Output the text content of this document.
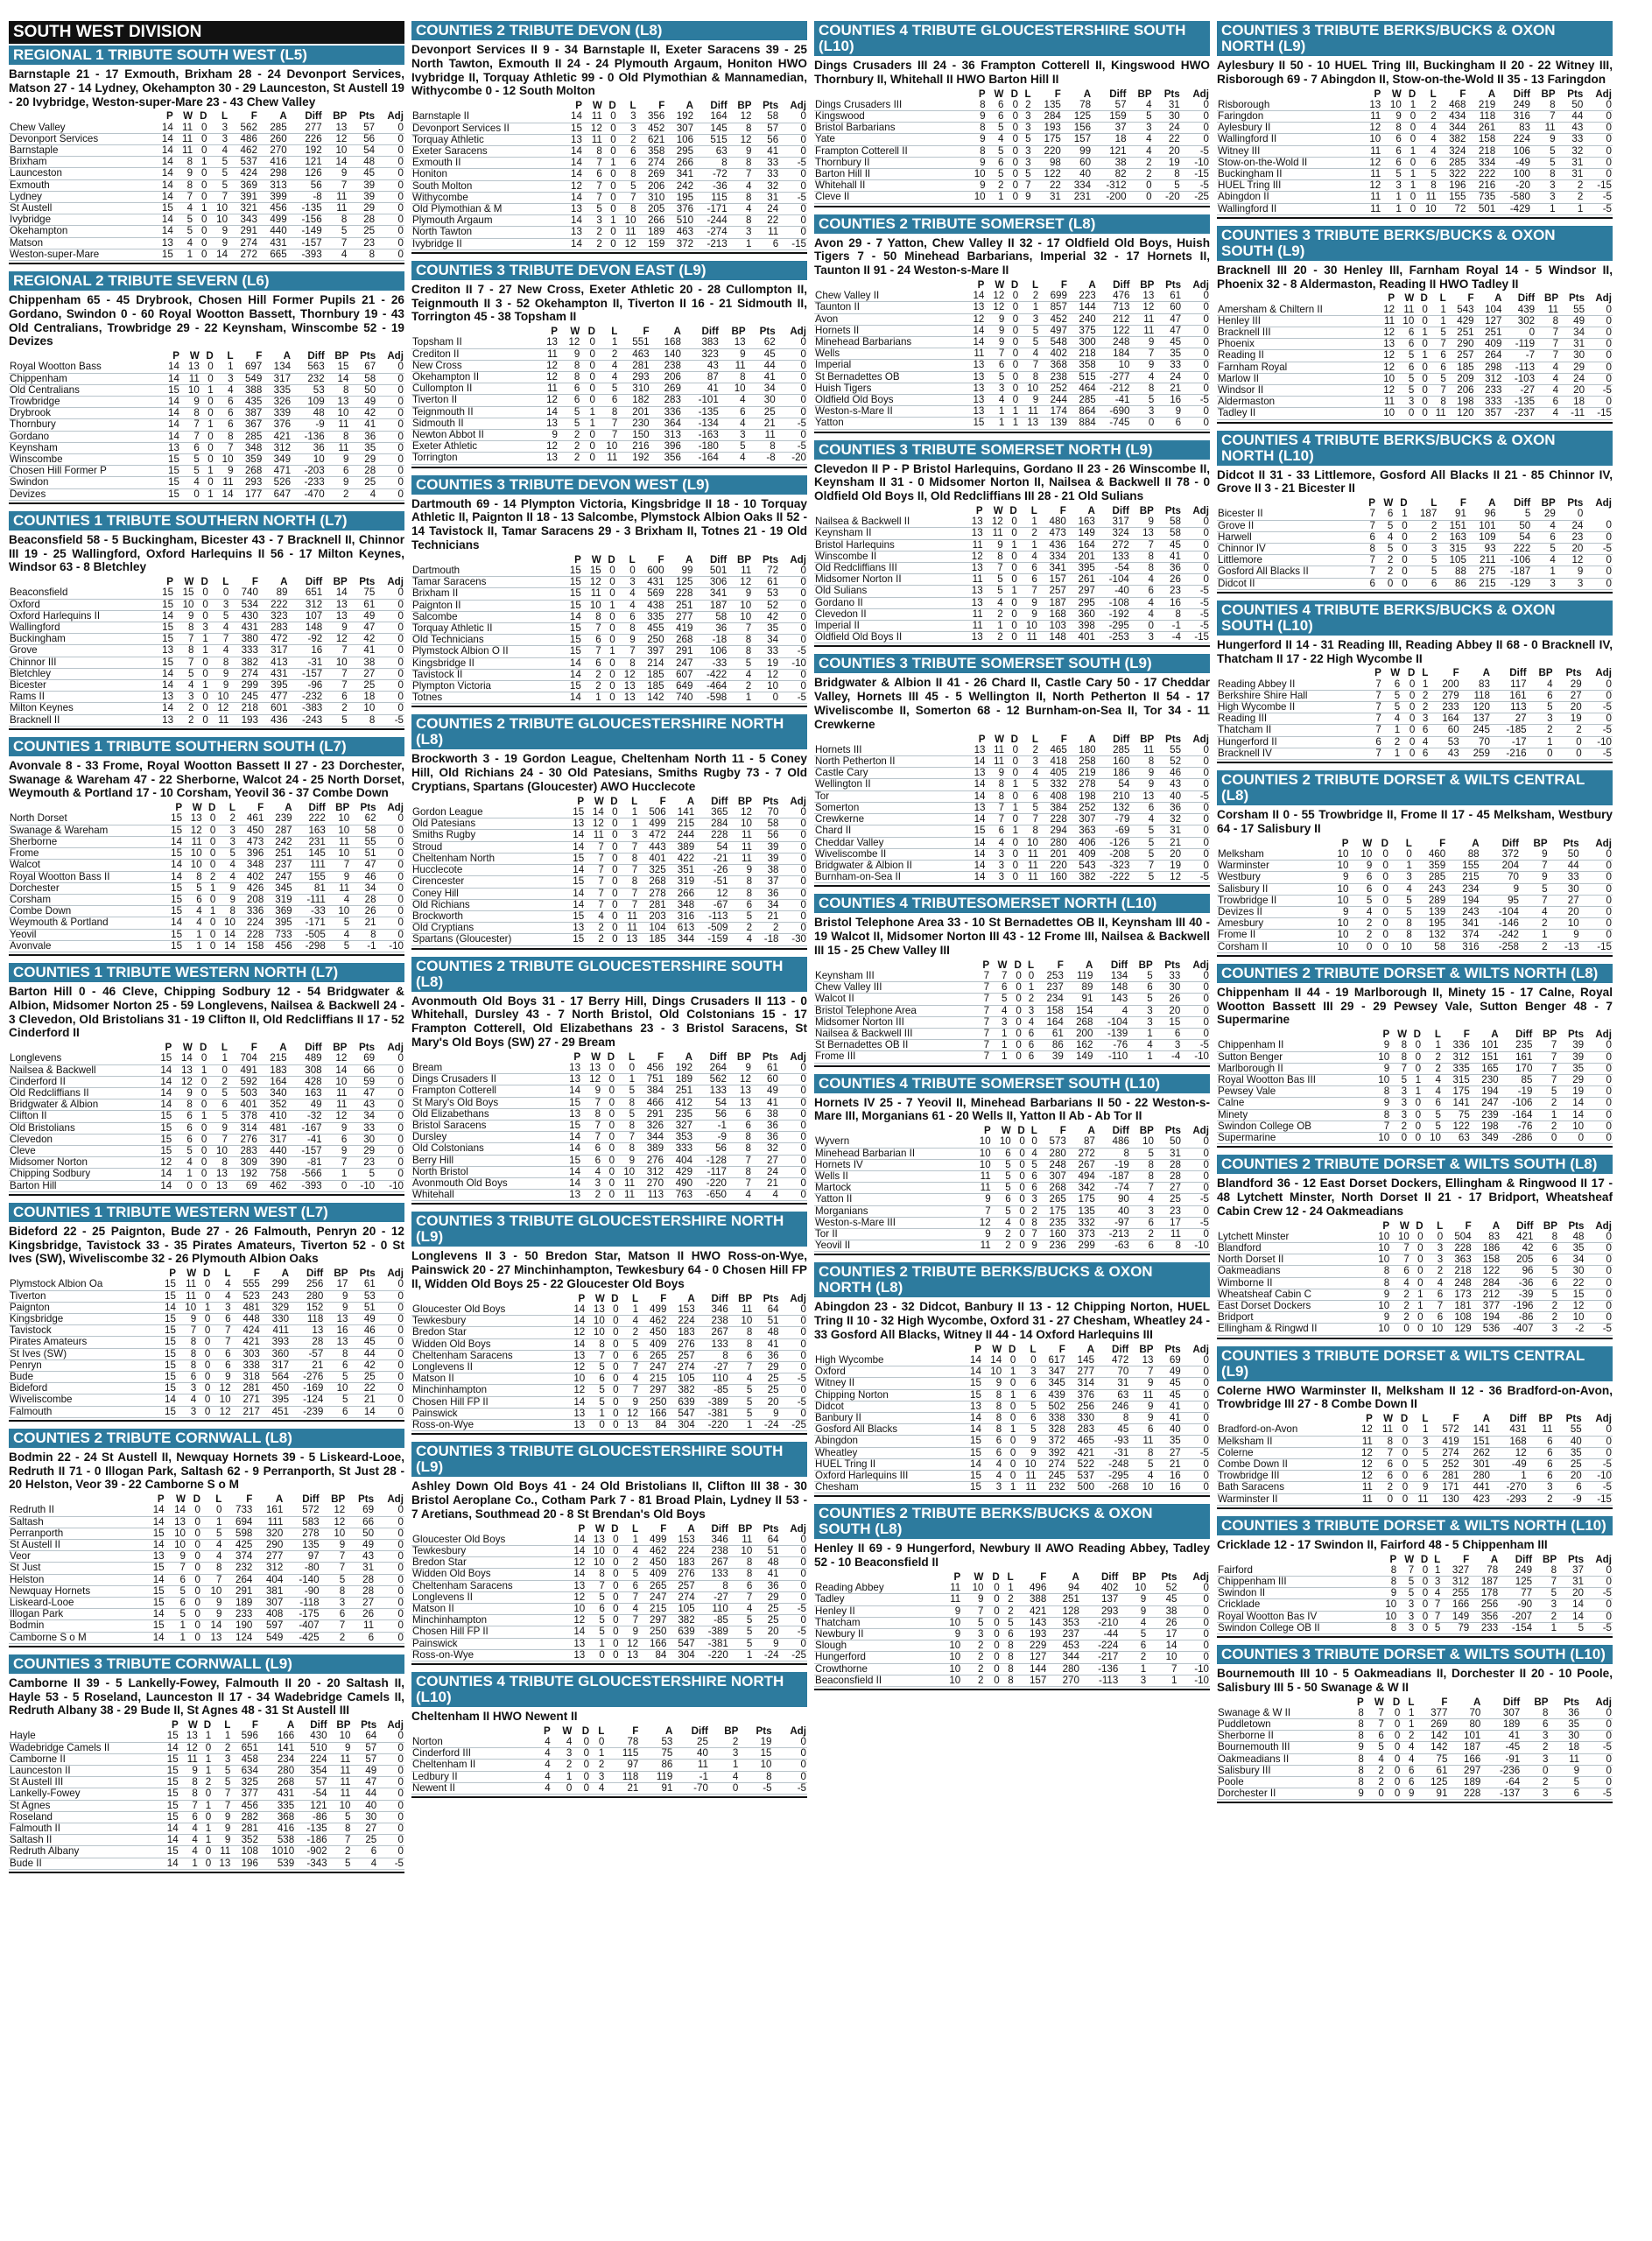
SOUTH WEST DIVISION
REGIONAL 1 TRIBUTE SOUTH WEST (L5)
Barnstaple 21 - 17 Exmouth, Brixham 28 - 24 Devonport Services, Matson 27 - 14 Lydney, Okehampton 30 - 29 Launceston, St Austell 19 - 20 Ivybridge, Weston-super-Mare 23 - 43 Chew Valley
	P	W	D	L	F	A	Diff	BP	Pts	Adj
Chew Valley	14	11	0	3	562	285	277	13	57	0
Devonport Services	14	11	0	3	486	260	226	12	56	0
Barnstaple	14	11	0	4	462	270	192	10	54	0
Brixham	14	8	1	5	537	416	121	14	48	0
Launceston	14	9	0	5	424	298	126	9	45	0
Exmouth	14	8	0	5	369	313	56	7	39	0
Lydney	14	7	0	7	391	399	-8	11	39	0
St Austell	15	4	1	10	321	456	-135	11	29	0
Ivybridge	14	5	0	10	343	499	-156	8	28	0
Okehampton	14	5	0	9	291	440	-149	5	25	0
Matson	13	4	0	9	274	431	-157	7	23	0
Weston-super-Mare	15	1	0	14	272	665	-393	4	8	0
REGIONAL 2 TRIBUTE SEVERN (L6)
Chippenham 65 - 45 Drybrook, Chosen Hill Former Pupils 21 - 26 Gordano, Swindon 0 - 60 Royal Wootton Bassett, Thornbury 19 - 43 Old Centralians, Trowbridge 29 - 22 Keynsham, Winscombe 52 - 19 Devizes
	P	W	D	L	F	A	Diff	BP	Pts	Adj
Royal Wootton Bass	14	13	0	1	697	134	563	15	67	0
Chippenham	14	11	0	3	549	317	232	14	58	0
Old Centralians	15	10	1	4	388	335	53	8	50	0
Trowbridge	14	9	0	6	435	326	109	13	49	0
Drybrook	14	8	0	6	387	339	48	10	42	0
Thornbury	14	7	1	6	367	376	-9	11	41	0
Gordano	14	7	0	8	285	421	-136	8	36	0
Keynsham	13	6	0	7	348	312	36	11	35	0
Winscombe	15	5	0	10	359	349	10	9	29	0
Chosen Hill Former P	15	5	1	9	268	471	-203	6	28	0
Swindon	15	4	0	11	293	526	-233	9	25	0
Devizes	15	0	1	14	177	647	-470	2	4	0
COUNTIES 1 TRIBUTE SOUTHERN NORTH (L7)
Beaconsfield 58 - 5 Buckingham, Bicester 43 - 7 Bracknell II, Chinnor III 19 - 25 Wallingford, Oxford Harlequins II 56 - 17 Milton Keynes, Windsor 63 - 8 Bletchley
	P	W	D	L	F	A	Diff	BP	Pts	Adj
Beaconsfield	15	15	0	0	740	89	651	14	75	0
Oxford	15	10	0	3	534	222	312	13	61	0
Oxford Harlequins II	14	9	0	5	430	323	107	13	49	0
Wallingford	15	8	3	4	431	283	148	9	47	0
Buckingham	15	7	1	7	380	472	-92	12	42	0
Grove	13	8	1	4	333	317	16	7	41	0
Chinnor III	15	7	0	8	382	413	-31	10	38	0
Bletchley	14	5	0	9	274	431	-157	7	27	0
Bicester	14	4	1	9	299	395	-96	7	25	0
Rams II	13	3	0	10	245	477	-232	6	18	0
Milton Keynes	14	2	0	12	218	601	-383	2	10	0
Bracknell II	13	2	0	11	193	436	-243	5	8	-5
COUNTIES 1 TRIBUTE SOUTHERN SOUTH (L7)
Avonvale 8 - 33 Frome, Royal Wootton Bassett II 27 - 23 Dorchester, Swanage & Wareham 47 - 22 Sherborne, Walcot 24 - 25 North Dorset, Weymouth & Portland 17 - 10 Corsham, Yeovil 36 - 37 Combe Down
	P	W	D	L	F	A	Diff	BP	Pts	Adj
North Dorset	15	13	0	2	461	239	222	10	62	0
Swanage & Wareham	15	12	0	3	450	287	163	10	58	0
Sherborne	14	11	0	3	473	242	231	11	55	0
Frome	15	10	0	5	396	251	145	10	51	0
Walcot	14	10	0	4	348	237	111	7	47	0
Royal Wootton Bass II	14	8	2	4	402	247	155	9	46	0
Dorchester	15	5	1	9	426	345	81	11	34	0
Corsham	15	6	0	9	208	319	-111	4	28	0
Combe Down	15	4	1	8	336	369	-33	10	26	0
Weymouth & Portland	14	4	0	10	224	395	-171	5	21	0
Yeovil	15	1	0	14	228	733	-505	4	8	0
Avonvale	15	1	0	14	158	456	-298	5	-1	-10
COUNTIES 1 TRIBUTE WESTERN NORTH (L7)
Barton Hill 0 - 46 Cleve, Chipping Sodbury 12 - 54 Bridgwater & Albion, Midsomer Norton 25 - 59 Longlevens, Nailsea & Backwell 24 - 3 Clevedon, Old Bristolians 31 - 19 Clifton II, Old Redcliffians II 17 - 52 Cinderford II
	P	W	D	L	F	A	Diff	BP	Pts	Adj
Longlevens	15	14	0	1	704	215	489	12	69	0
Nailsea & Backwell	14	13	1	0	491	183	308	14	66	0
Cinderford II	14	12	0	2	592	164	428	10	59	0
Old Redcliffians II	14	9	0	5	503	340	163	11	47	0
Bridgwater & Albion	14	8	0	6	401	352	49	11	43	0
Clifton II	15	6	1	5	378	410	-32	12	34	0
Old Bristolians	15	6	0	9	314	481	-167	9	33	0
Clevedon	15	6	0	7	276	317	-41	6	30	0
Cleve	15	5	0	10	283	440	-157	9	29	0
Midsomer Norton	12	4	0	8	309	390	-81	7	23	0
Chipping Sodbury	14	1	0	13	192	758	-566	1	5	0
Barton Hill	14	0	0	13	69	462	-393	0	-10	-10
COUNTIES 1 TRIBUTE WESTERN WEST (L7)
Bideford 22 - 25 Paignton, Bude 27 - 26 Falmouth, Penryn 20 - 12 Kingsbridge, Tavistock 33 - 35 Pirates Amateurs, Tiverton 52 - 0 St Ives (SW), Wiveliscombe 32 - 26 Plymouth Albion Oaks
	P	W	D	L	F	A	Diff	BP	Pts	Adj
Plymstock Albion Oa	15	11	0	4	555	299	256	17	61	0
Tiverton	15	11	0	4	523	243	280	9	53	0
Paignton	14	10	1	3	481	329	152	9	51	0
Kingsbridge	15	9	0	6	448	330	118	13	49	0
Tavistock	15	7	0	7	424	411	13	16	46	0
Pirates Amateurs	15	8	0	7	421	393	28	13	45	0
St Ives (SW)	15	8	0	6	303	360	-57	8	44	0
Penryn	15	8	0	6	338	317	21	6	42	0
Bude	15	6	0	9	318	564	-276	5	25	0
Bideford	15	3	0	12	281	450	-169	10	22	0
Wiveliscombe	14	4	0	10	271	395	-124	5	21	0
Falmouth	15	3	0	12	217	451	-239	6	14	0
COUNTIES 2 TRIBUTE CORNWALL (L8)
Bodmin 22 - 24 St Austell II, Newquay Hornets 39 - 5 Liskeard-Looe, Redruth II 71 - 0 Illogan Park, Saltash 62 - 9 Perranporth, St Just 28 - 20 Helston, Veor 39 - 22 Camborne S o M
	P	W	D	L	F	A	Diff	BP	Pts	Adj
Redruth II	14	14	0	0	733	161	572	12	69	0
Saltash	14	13	0	1	694	111	583	12	66	0
Perranporth	15	10	0	5	598	320	278	10	50	0
St Austell II	14	10	0	4	425	290	135	9	49	0
Veor	13	9	0	4	374	277	97	7	43	0
St Just	15	7	0	8	232	312	-80	7	31	0
Helston	14	6	0	7	264	404	-140	5	28	0
Newquay Hornets	15	5	0	10	291	381	-90	8	28	0
Liskeard-Looe	15	6	0	9	189	307	-118	3	27	0
Illogan Park	14	5	0	9	233	408	-175	6	26	0
Bodmin	15	1	0	14	190	597	-407	7	11	0
Camborne S o M	14	1	0	13	124	549	-425	2	6	0
COUNTIES 3 TRIBUTE CORNWALL (L9)
Camborne II 39 - 5 Lankelly-Fowey, Falmouth II 20 - 20 Saltash II, Hayle 53 - 5 Roseland, Launceston II 17 - 34 Wadebridge Camels II, Redruth Albany 38 - 29 Bude II, St Agnes 48 - 31 St Austell III
	P	W	D	L	F	A	Diff	BP	Pts	Adj
Hayle	15	13	1	1	596	166	430	10	64	0
Wadebridge Camels II	14	12	0	2	651	141	510	9	57	0
Camborne II	15	11	1	3	458	234	224	11	57	0
Launceston II	15	9	1	5	634	280	354	11	49	0
St Austell III	15	8	2	5	325	268	57	11	47	0
Lankelly-Fowey	15	8	0	7	377	431	-54	11	44	0
St Agnes	15	7	1	7	456	335	121	10	40	0
Roseland	15	6	0	9	282	368	-86	5	30	0
Falmouth II	14	4	1	9	281	416	-135	8	27	0
Saltash II	14	4	1	9	352	538	-186	7	25	0
Redruth Albany	15	4	0	11	108	1010	-902	2	6	0
Bude II	14	1	0	13	196	539	-343	5	4	-5
COUNTIES 2 TRIBUTE DEVON (L8)
Devonport Services II 9 - 34 Barnstaple II, Exeter Saracens 39 - 25 North Tawton, Exmouth II 24 - 24 Plymouth Argaum, Honiton HWO Ivybridge II, Torquay Athletic 99 - 0 Old Plymothian & Mannamedian, Withycombe 0 - 12 South Molton
	P	W	D	L	F	A	Diff	BP	Pts	Adj
Barnstaple II	14	11	0	3	356	192	164	12	58	0
Devonport Services II	15	12	0	3	452	307	145	8	57	0
Torquay Athletic	13	11	0	2	621	106	515	12	56	0
Exeter Saracens	14	8	0	6	358	295	63	9	41	0
Exmouth II	14	7	1	6	274	266	8	8	33	-5
Honiton	14	6	0	8	269	341	-72	7	33	0
South Molton	12	7	0	5	206	242	-36	4	32	0
Withycombe	14	7	0	7	310	195	115	8	31	-5
Old Plymothian & M	13	5	0	8	205	376	-171	4	24	0
Plymouth Argaum	14	3	1	10	266	510	-244	8	22	0
North Tawton	13	2	0	11	189	463	-274	3	11	0
Ivybridge II	14	2	0	12	159	372	-213	1	6	-15
COUNTIES 3 TRIBUTE DEVON EAST (L9)
Crediton II 7 - 27 New Cross, Exeter Athletic 20 - 28 Cullompton II, Teignmouth II 3 - 52 Okehampton II, Tiverton II 16 - 21 Sidmouth II, Torrington 45 - 38 Topsham II
	P	W	D	L	F	A	Diff	BP	Pts	Adj
Topsham II	13	12	0	1	551	168	383	13	62	0
Crediton II	11	9	0	2	463	140	323	9	45	0
New Cross	12	8	0	4	281	238	43	11	44	0
Okehampton II	12	8	0	4	293	206	87	8	41	0
Cullompton II	11	6	0	5	310	269	41	10	34	0
Tiverton II	12	6	0	6	182	283	-101	4	30	0
Teignmouth II	14	5	1	8	201	336	-135	6	25	0
Sidmouth II	13	5	1	7	230	364	-134	4	21	-5
Newton Abbot II	9	2	0	7	150	313	-163	3	11	0
Exeter Athletic	12	2	0	10	216	396	-180	5	8	-5
Torrington	13	2	0	11	192	356	-164	4	-8	-20
COUNTIES 3 TRIBUTE DEVON WEST (L9)
Dartmouth 69 - 14 Plympton Victoria, Kingsbridge II 18 - 10 Torquay Athletic II, Paignton II 18 - 13 Salcombe, Plymstock Albion Oaks II 52 - 14 Tavistock II, Tamar Saracens 29 - 3 Brixham II, Totnes 21 - 19 Old Technicians
	P	W	D	L	F	A	Diff	BP	Pts	Adj
Dartmouth	15	15	0	0	600	99	501	11	72	0
Tamar Saracens	15	12	0	3	431	125	306	12	61	0
Brixham II	15	11	0	4	569	228	341	9	53	0
Paignton II	15	10	1	4	438	251	187	10	52	0
Salcombe	14	8	0	6	335	277	58	10	42	0
Torquay Athletic II	15	7	0	8	455	419	36	7	35	0
Old Technicians	15	6	0	9	250	268	-18	8	34	0
Plymstock Albion O II	15	7	1	7	397	291	106	8	33	-5
Kingsbridge II	14	6	0	8	214	247	-33	5	19	-10
Tavistock II	14	2	0	12	185	607	-422	4	12	0
Plympton Victoria	15	2	0	13	185	649	-464	2	10	0
Totnes	14	1	0	13	142	740	-598	1	0	-5
COUNTIES 2 TRIBUTE GLOUCESTERSHIRE NORTH (L8)
Brockworth 3 - 19 Gordon League, Cheltenham North 11 - 5 Coney Hill, Old Richians 24 - 30 Old Patesians, Smiths Rugby 73 - 7 Old Cryptians, Spartans (Gloucester) AWO Hucclecote
	P	W	D	L	F	A	Diff	BP	Pts	Adj
Gordon League	15	14	0	1	506	141	365	12	70	0
Old Patesians	13	12	0	1	499	215	284	10	58	0
Smiths Rugby	14	11	0	3	472	244	228	11	56	0
Stroud	14	7	0	7	443	389	54	11	39	0
Cheltenham North	15	7	0	8	401	422	-21	11	39	0
Hucclecote	14	7	0	7	325	351	-26	9	38	0
Cirencester	15	7	0	8	268	319	-51	8	37	0
Coney Hill	14	7	0	7	278	266	12	8	36	0
Old Richians	14	7	0	7	281	348	-67	6	34	0
Brockworth	15	4	0	11	203	316	-113	5	21	0
Old Cryptians	13	2	0	11	104	613	-509	2	2	0
Spartans (Gloucester)	15	2	0	13	185	344	-159	4	-18	-30
COUNTIES 2 TRIBUTE GLOUCESTERSHIRE SOUTH (L8)
Avonmouth Old Boys 31 - 17 Berry Hill, Dings Crusaders II 113 - 0 Whitehall, Dursley 43 - 7 North Bristol, Old Colstonians 15 - 17 Frampton Cotterell, Old Elizabethans 23 - 3 Bristol Saracens, St Mary's Old Boys (SW) 27 - 29 Bream
	P	W	D	L	F	A	Diff	BP	Pts	Adj
Bream	13	13	0	0	456	192	264	9	61	0
Dings Crusaders II	13	12	0	1	751	189	562	12	60	0
Frampton Cotterell	14	9	0	5	384	251	133	13	49	0
St Mary's Old Boys	15	7	0	8	466	412	54	13	41	0
Old Elizabethans	13	8	0	5	291	235	56	6	38	0
Bristol Saracens	15	7	0	8	326	327	-1	6	36	0
Dursley	14	7	0	7	344	353	-9	8	36	0
Old Colstonians	14	6	0	8	389	333	56	8	32	0
Berry Hill	15	6	0	9	276	404	-128	7	27	0
North Bristol	14	4	0	10	312	429	-117	8	24	0
Avonmouth Old Boys	14	3	0	11	270	490	-220	7	21	0
Whitehall	13	2	0	11	113	763	-650	4	4	0
COUNTIES 3 TRIBUTE GLOUCESTERSHIRE NORTH (L9)
Longlevens II 3 - 50 Bredon Star, Matson II HWO Ross-on-Wye, Painswick 20 - 27 Minchinhampton, Tewkesbury 64 - 0 Chosen Hill FP II, Widden Old Boys 25 - 22 Gloucester Old Boys
	P	W	D	L	F	A	Diff	BP	Pts	Adj
Gloucester Old Boys	14	13	0	1	499	153	346	11	64	0
Tewkesbury	14	10	0	4	462	224	238	10	51	0
Bredon Star	12	10	0	2	450	183	267	8	48	0
Widden Old Boys	14	8	0	5	409	276	133	8	41	0
Cheltenham Saracens	13	7	0	6	265	257	8	6	36	0
Longlevens II	12	5	0	7	247	274	-27	7	29	0
Matson II	10	6	0	4	215	105	110	4	25	-5
Minchinhampton	12	5	0	7	297	382	-85	5	25	0
Chosen Hill FP II	14	5	0	9	250	639	-389	5	20	-5
Painswick	13	1	0	12	166	547	-381	5	9	0
Ross-on-Wye	13	0	0	13	84	304	-220	1	-24	-25
COUNTIES 3 TRIBUTE GLOUCESTERSHIRE SOUTH (L9)
Ashley Down Old Boys 41 - 24 Old Bristolians II, Clifton III 38 - 30 Bristol Aeroplane Co., Cotham Park 7 - 81 Broad Plain, Lydney II 53 - 7 Aretians, Southmead 20 - 8 St Brendan's Old Boys
	P	W	D	L	F	A	Diff	BP	Pts	Adj
Gloucester Old Boys	14	13	0	1	499	153	346	11	64	0
Tewkesbury	14	10	0	4	462	224	238	10	51	0
Bredon Star	12	10	0	2	450	183	267	8	48	0
Widden Old Boys	14	8	0	5	409	276	133	8	41	0
Cheltenham Saracens	13	7	0	6	265	257	8	6	36	0
Longlevens II	12	5	0	7	247	274	-27	7	29	0
Matson II	10	6	0	4	215	105	110	4	25	-5
Minchinhampton	12	5	0	7	297	382	-85	5	25	0
Chosen Hill FP II	14	5	0	9	250	639	-389	5	20	-5
Painswick	13	1	0	12	166	547	-381	5	9	0
Ross-on-Wye	13	0	0	13	84	304	-220	1	-24	-25
COUNTIES 4 TRIBUTE GLOUCESTERSHIRE NORTH (L10)
Cheltenham II HWO Newent II
	P	W	D	L	F	A	Diff	BP	Pts	Adj
Norton	4	4	0	0	78	53	25	2	19	0
Cinderford III	4	3	0	1	115	75	40	3	15	0
Cheltenham II	4	2	0	2	97	86	11	1	10	0
Ledbury II	4	1	0	3	118	119	-1	4	8	0
Newent II	4	0	0	4	21	91	-70	0	-5	-5
COUNTIES 4 TRIBUTE GLOUCESTERSHIRE SOUTH (L10)
Dings Crusaders III 24 - 36 Frampton Cotterell II, Kingswood HWO Thornbury II, Whitehall II HWO Barton Hill II
	P	W	D	L	F	A	Diff	BP	Pts	Adj
Dings Crusaders III	8	6	0	2	135	78	57	4	31	0
Kingswood	9	6	0	3	284	125	159	5	30	0
Bristol Barbarians	8	5	0	3	193	156	37	3	24	0
Yate	9	4	0	5	175	157	18	4	22	0
Frampton Cotterell II	8	5	0	3	220	99	121	4	20	-5
Thornbury II	9	6	0	3	98	60	38	2	19	-10
Barton Hill II	10	5	0	5	122	40	82	2	8	-15
Whitehall II	9	2	0	7	22	334	-312	0	5	-5
Cleve II	10	1	0	9	31	231	-200	0	-20	-25
COUNTIES 2 TRIBUTE SOMERSET (L8)
Avon 29 - 7 Yatton, Chew Valley II 32 - 17 Oldfield Old Boys, Huish Tigers 7 - 50 Minehead Barbarians, Imperial 32 - 17 Hornets II, Taunton II 91 - 24 Weston-s-Mare II
	P	W	D	L	F	A	Diff	BP	Pts	Adj
Chew Valley II	14	12	0	2	699	223	476	13	61	0
Taunton II	13	12	0	1	857	144	713	12	60	0
Avon	12	9	0	3	452	240	212	11	47	0
Hornets II	14	9	0	5	497	375	122	11	47	0
Minehead Barbarians	14	9	0	5	548	300	248	9	45	0
Wells	11	7	0	4	402	218	184	7	35	0
Imperial	13	6	0	7	368	358	10	9	33	0
St Bernadettes OB	13	5	0	8	238	515	-277	4	24	0
Huish Tigers	13	3	0	10	252	464	-212	8	21	0
Oldfield Old Boys	13	4	0	9	244	285	-41	5	16	-5
Weston-s-Mare II	13	1	1	11	174	864	-690	3	9	0
Yatton	15	1	1	13	139	884	-745	0	6	0
COUNTIES 3 TRIBUTE SOMERSET NORTH (L9)
Clevedon II P - P Bristol Harlequins, Gordano II 23 - 26 Winscombe II, Keynsham II 31 - 0 Midsomer Norton II, Nailsea & Backwell II 78 - 0 Oldfield Old Boys II, Old Redcliffians III 28 - 21 Old Sulians
	P	W	D	L	F	A	Diff	BP	Pts	Adj
Nailsea & Backwell II	13	12	0	1	480	163	317	9	58	0
Keynsham II	13	11	0	2	473	149	324	13	58	0
Bristol Harlequins	11	9	1	1	436	164	272	7	45	0
Winscombe II	12	8	0	4	334	201	133	8	41	0
Old Redcliffians III	13	7	0	6	341	395	-54	8	36	0
Midsomer Norton II	11	5	0	6	157	261	-104	4	26	0
Old Sulians	13	5	1	7	257	297	-40	6	23	-5
Gordano II	13	4	0	9	187	295	-108	4	16	-5
Clevedon II	11	2	0	9	168	360	-192	4	8	-5
Imperial II	11	1	0	10	103	398	-295	0	-1	-5
Oldfield Old Boys II	13	2	0	11	148	401	-253	3	-4	-15
COUNTIES 3 TRIBUTE SOMERSET SOUTH (L9)
Bridgwater & Albion II 41 - 26 Chard II, Castle Cary 50 - 17 Cheddar Valley, Hornets III 45 - 5 Wellington II, North Petherton II 54 - 17 Wiveliscombe II, Somerton 68 - 12 Burnham-on-Sea II, Tor 34 - 11 Crewkerne
	P	W	D	L	F	A	Diff	BP	Pts	Adj
Hornets III	13	11	0	2	465	180	285	11	55	0
North Petherton II	14	11	0	3	418	258	160	8	52	0
Castle Cary	13	9	0	4	405	219	186	9	46	0
Wellington II	14	8	1	5	332	278	54	9	43	0
Tor	14	8	0	6	408	198	210	13	40	-5
Somerton	13	7	1	5	384	252	132	6	36	0
Crewkerne	14	7	0	7	228	307	-79	4	32	0
Chard II	15	6	1	8	294	363	-69	5	31	0
Cheddar Valley	14	4	0	10	280	406	-126	5	21	0
Wiveliscombe II	14	3	0	11	201	409	-208	5	20	0
Bridgwater & Albion II	14	3	0	11	220	543	-323	7	19	0
Burnham-on-Sea II	14	3	0	11	160	382	-222	5	12	-5
COUNTIES 4 TRIBUTESOMERSET NORTH (L10)
Bristol Telephone Area 33 - 10 St Bernadettes OB II, Keynsham III 40 - 19 Walcot II, Midsomer Norton III 43 - 12 Frome III, Nailsea & Backwell III 15 - 25 Chew Valley III
	P	W	D	L	F	A	Diff	BP	Pts	Adj
Keynsham III	7	7	0	0	253	119	134	5	33	0
Chew Valley III	7	6	0	1	237	89	148	6	30	0
Walcot II	7	5	0	2	234	91	143	5	26	0
Bristol Telephone Area	7	4	0	3	158	154	4	3	20	0
Midsomer Norton III	7	3	0	4	164	268	-104	3	15	0
Nailsea & Backwell III	7	1	0	6	61	200	-139	1	6	0
St Bernadettes OB II	7	1	0	6	86	162	-76	4	3	-5
Frome III	7	1	0	6	39	149	-110	1	-4	-10
COUNTIES 4 TRIBUTE SOMERSET SOUTH (L10)
Hornets IV 25 - 7 Yeovil II, Minehead Barbarians II 50 - 22 Weston-s-Mare III, Morganians 61 - 20 Wells II, Yatton II Ab - Ab Tor II
	P	W	D	L	F	A	Diff	BP	Pts	Adj
Wyvern	10	10	0	0	573	87	486	10	50	0
Minehead Barbarian II	10	6	0	4	280	272	8	5	31	0
Hornets IV	10	5	0	5	248	267	-19	8	28	0
Wells II	11	5	0	6	307	494	-187	8	28	0
Martock	11	5	0	6	268	342	-74	7	27	0
Yatton II	9	6	0	3	265	175	90	4	25	-5
Morganians	7	5	0	2	175	135	40	3	23	0
Weston-s-Mare III	12	4	0	8	235	332	-97	6	17	-5
Tor II	9	2	0	7	160	373	-213	2	11	0
Yeovil II	11	2	0	9	236	299	-63	6	8	-10
COUNTIES 2 TRIBUTE BERKS/BUCKS & OXON NORTH (L8)
Abingdon 23 - 32 Didcot, Banbury II 13 - 12 Chipping Norton, HUEL Tring II 10 - 32 High Wycombe, Oxford 31 - 27 Chesham, Wheatley 24 - 33 Gosford All Blacks, Witney II 44 - 14 Oxford Harlequins III
	P	W	D	L	F	A	Diff	BP	Pts	Adj
High Wycombe	14	14	0	0	617	145	472	13	69	0
Oxford	14	10	1	3	347	277	70	7	49	0
Witney II	15	9	0	6	345	314	31	9	45	0
Chipping Norton	15	8	1	6	439	376	63	11	45	0
Didcot	13	8	0	5	502	256	246	9	41	0
Banbury II	14	8	0	6	338	330	8	9	41	0
Gosford All Blacks	14	8	1	5	328	283	45	6	40	0
Abingdon	15	6	0	9	372	465	-93	11	35	0
Wheatley	15	6	0	9	392	421	-31	8	27	-5
HUEL Tring II	14	4	0	10	274	522	-248	5	21	0
Oxford Harlequins III	15	4	0	11	245	537	-295	4	16	0
Chesham	15	3	1	11	232	500	-268	10	16	0
COUNTIES 2 TRIBUTE BERKS/BUCKS & OXON SOUTH (L8)
Henley II 69 - 9 Hungerford, Newbury II AWO Reading Abbey, Tadley 52 - 10 Beaconsfield II
	P	W	D	L	F	A	Diff	BP	Pts	Adj
Reading Abbey	11	10	0	1	496	94	402	10	52	0
Tadley	11	9	0	2	388	251	137	9	45	0
Henley II	9	7	0	2	421	128	293	9	38	0
Thatcham	10	5	0	5	143	353	-210	4	26	0
Newbury II	9	3	0	6	193	237	-44	5	17	0
Slough	10	2	0	8	229	453	-224	6	14	0
Hungerford	10	2	0	8	127	344	-217	2	10	0
Crowthorne	10	2	0	8	144	280	-136	1	7	-10
Beaconsfield II	10	2	0	8	157	270	-113	3	1	-10
COUNTIES 3 TRIBUTE BERKS/BUCKS & OXON NORTH (L9)
Aylesbury II 50 - 10 HUEL Tring III, Buckingham II 20 - 22 Witney III, Risborough 69 - 7 Abingdon II, Stow-on-the-Wold II 35 - 13 Faringdon
	P	W	D	L	F	A	Diff	BP	Pts	Adj
Risborough	13	10	1	2	468	219	249	8	50	0
Faringdon	11	9	0	2	434	118	316	7	44	0
Aylesbury II	12	8	0	4	344	261	83	11	43	0
Wallingford II	10	6	0	4	382	158	224	9	33	0
Witney III	11	6	1	4	324	218	106	5	32	0
Stow-on-the-Wold II	12	6	0	6	285	334	-49	5	31	0
Buckingham II	11	5	1	5	322	222	100	8	31	0
HUEL Tring III	12	3	1	8	196	216	-20	3	2	-15
Abingdon II	11	1	0	11	155	735	-580	3	2	-5
Wallingford II	11	1	0	10	72	501	-429	1	1	-5
COUNTIES 3 TRIBUTE BERKS/BUCKS & OXON SOUTH (L9)
Bracknell III 20 - 30 Henley III, Farnham Royal 14 - 5 Windsor II, Phoenix 32 - 8 Aldermaston, Reading II HWO Tadley II
	P	W	D	L	F	A	Diff	BP	Pts	Adj
Amersham & Chiltern II	12	11	0	1	543	104	439	11	55	0
Henley III	11	10	0	1	429	127	302	8	49	0
Bracknell III	12	6	1	5	251	251	0	7	34	0
Phoenix	13	6	0	7	290	409	-119	7	31	0
Reading II	12	5	1	6	257	264	-7	7	30	0
Farnham Royal	12	6	0	6	185	298	-113	4	29	0
Marlow II	10	5	0	5	209	312	-103	4	24	0
Windsor II	12	5	0	7	206	233	-27	4	20	-5
Aldermaston	11	3	0	8	198	333	-135	6	18	0
Tadley II	10	0	0	11	120	357	-237	4	-11	-15
COUNTIES 4 TRIBUTE BERKS/BUCKS & OXON NORTH (L10)
Didcot II 31 - 33 Littlemore, Gosford All Blacks II 21 - 85 Chinnor IV, Grove II 3 - 21 Bicester II
	P	W	D	L	F	A	Diff	BP	Pts	Adj
Bicester II	7	6	1	187	91	96	5	29	0	
Grove II	7	5	0	2	151	101	50	4	24	0
Harwell	6	4	0	2	163	109	54	6	23	0
Chinnor IV	8	5	0	3	315	93	222	5	20	-5
Littlemore	7	2	0	5	105	211	-106	4	12	0
Gosford All Blacks II	7	2	0	5	88	275	-187	1	9	0
Didcot II	6	0	0	6	86	215	-129	3	3	0
COUNTIES 4 TRIBUTE BERKS/BUCKS & OXON SOUTH (L10)
Hungerford II 14 - 31 Reading III, Reading Abbey II 68 - 0 Bracknell IV, Thatcham II 17 - 22 High Wycombe II
	P	W	D	L	F	A	Diff	BP	Pts	Adj
Reading Abbey II	7	6	0	1	200	83	117	4	29	0
Berkshire Shire Hall	7	5	0	2	279	118	161	6	27	0
High Wycombe II	7	5	0	2	233	120	113	5	20	-5
Reading III	7	4	0	3	164	137	27	3	19	0
Thatcham II	7	1	0	6	60	245	-185	2	2	-5
Hungerford II	6	2	0	4	53	70	-17	1	0	-10
Bracknell IV	7	1	0	6	43	259	-216	0	0	-5
COUNTIES 2 TRIBUTE DORSET & WILTS CENTRAL (L8)
Corsham II 0 - 55 Trowbridge II, Frome II 17 - 45 Melksham, Westbury 64 - 17 Salisbury II
	P	W	D	L	F	A	Diff	BP	Pts	Adj
Melksham	10	10	0	0	460	88	372	9	50	0
Warminster	10	9	0	1	359	155	204	7	44	0
Westbury	9	6	0	3	285	215	70	9	33	0
Salisbury II	10	6	0	4	243	234	9	5	30	0
Trowbridge II	10	5	0	5	289	194	95	7	27	0
Devizes II	9	4	0	5	139	243	-104	4	20	0
Amesbury	10	2	0	8	195	341	-146	2	10	0
Frome II	10	2	0	8	132	374	-242	1	9	0
Corsham II	10	0	0	10	58	316	-258	2	-13	-15
COUNTIES 2 TRIBUTE DORSET & WILTS NORTH (L8)
Chippenham II 44 - 19 Marlborough II, Minety 15 - 17 Calne, Royal Wootton Bassett III 29 - 29 Pewsey Vale, Sutton Benger 48 - 7 Supermarine
	P	W	D	L	F	A	Diff	BP	Pts	Adj
Chippenham II	9	8	0	1	336	101	235	7	39	0
Sutton Benger	10	8	0	2	312	151	161	7	39	0
Marlborough II	9	7	0	2	335	165	170	7	35	0
Royal Wootton Bas III	10	5	1	4	315	230	85	7	29	0
Pewsey Vale	8	3	1	4	175	194	-19	5	19	0
Calne	9	3	0	6	141	247	-106	2	14	0
Minety	8	3	0	5	75	239	-164	1	14	0
Swindon College OB	7	2	0	5	122	198	-76	2	10	0
Supermarine	10	0	0	10	63	349	-286	0	0	0
COUNTIES 2 TRIBUTE DORSET & WILTS SOUTH (L8)
Blandford 36 - 12 East Dorset Dockers, Ellingham & Ringwood II 17 - 48 Lytchett Minster, North Dorset II 21 - 17 Bridport, Wheatsheaf Cabin Crew 12 - 24 Oakmeadians
	P	W	D	L	F	A	Diff	BP	Pts	Adj
Lytchett Minster	10	10	0	0	504	83	421	8	48	0
Blandford	10	7	0	3	228	186	42	6	35	0
North Dorset II	10	7	0	3	363	158	205	6	34	0
Oakmeadians	8	6	0	2	218	122	96	5	30	0
Wimborne II	8	4	0	4	248	284	-36	6	22	0
Wheatsheaf Cabin C	9	2	1	6	173	212	-39	5	15	0
East Dorset Dockers	10	2	1	7	181	377	-196	2	12	0
Bridport	9	2	0	6	108	194	-86	2	10	0
Ellingham & Ringwd II	10	0	0	10	129	536	-407	3	-2	-5
COUNTIES 3 TRIBUTE DORSET & WILTS CENTRAL (L9)
Colerne HWO Warminster II, Melksham II 12 - 36 Bradford-on-Avon, Trowbridge III 27 - 8 Combe Down II
	P	W	D	L	F	A	Diff	BP	Pts	Adj
Bradford-on-Avon	12	11	0	1	572	141	431	11	55	0
Melksham II	11	8	0	3	419	151	168	6	40	0
Colerne	12	7	0	5	274	262	12	6	35	0
Combe Down II	12	6	0	5	252	301	-49	6	25	-5
Trowbridge III	12	6	0	6	281	280	1	6	20	-10
Bath Saracens	11	2	0	9	171	441	-270	3	6	-5
Warminster II	11	0	0	11	130	423	-293	2	-9	-15
COUNTIES 3 TRIBUTE DORSET & WILTS NORTH (L10)
Cricklade 12 - 17 Swindon II, Fairford 48 - 5 Chippenham III
	P	W	D	L	F	A	Diff	BP	Pts	Adj
Fairford	8	7	0	1	327	78	249	8	37	0
Chippenham III	8	5	0	3	312	187	125	7	31	0
Swindon II	9	5	0	4	255	178	77	5	20	-5
Cricklade	10	3	0	7	166	256	-90	3	14	0
Royal Wootton Bas IV	10	3	0	7	149	356	-207	2	14	0
Swindon College OB II	8	3	0	5	79	233	-154	1	5	-5
COUNTIES 3 TRIBUTE DORSET & WILTS SOUTH (L10)
Bournemouth III 10 - 5 Oakmeadians II, Dorchester II 20 - 10 Poole, Salisbury III 5 - 50 Swanage & W II
	P	W	D	L	F	A	Diff	BP	Pts	Adj
Swanage & W II	8	7	0	1	377	70	307	8	36	0
Puddletown	8	7	0	1	269	80	189	6	35	0
Sherborne II	8	6	0	2	142	101	41	3	30	0
Bournemouth III	9	5	0	4	142	187	-45	2	18	-5
Oakmeadians II	8	4	0	4	75	166	-91	3	11	0
Salisbury III	8	2	0	6	61	297	-236	0	9	0
Poole	8	2	0	6	125	189	-64	2	5	0
Dorchester II	9	0	0	9	91	228	-137	3	6	-5
